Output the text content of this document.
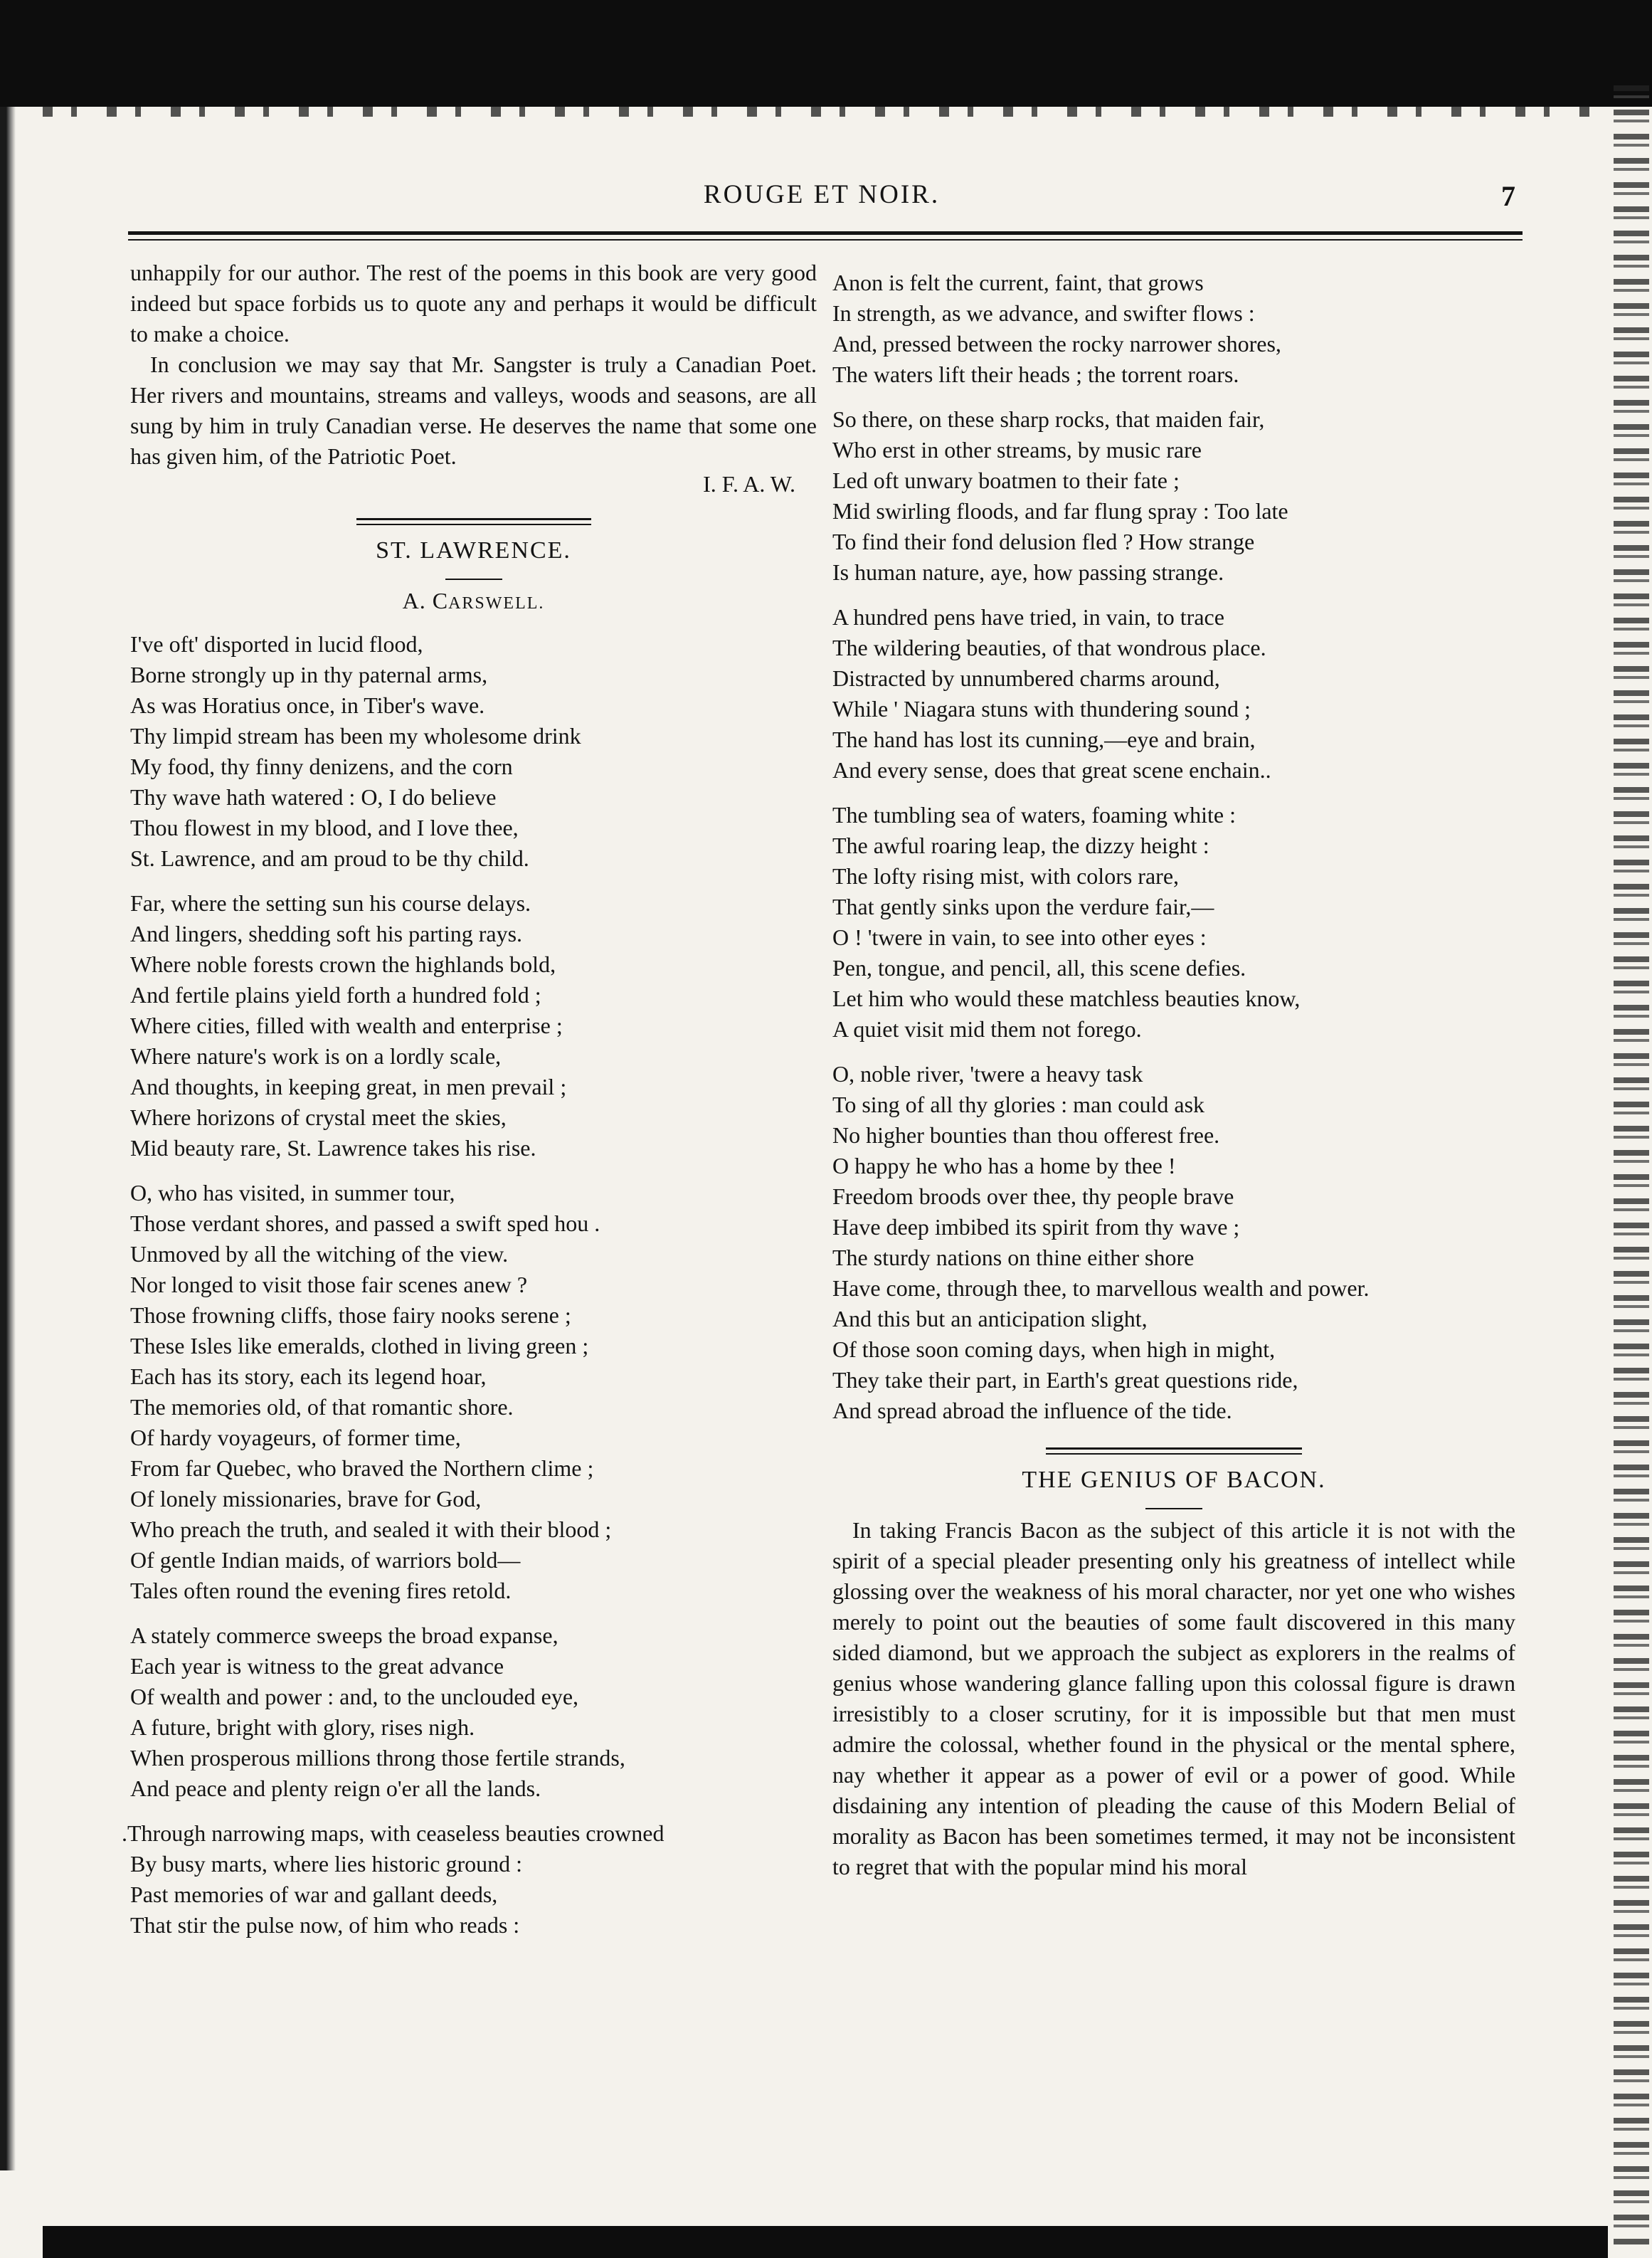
ROUGE ET NOIR.	7

unhappily for our author. The rest of the poems in this book are very good indeed but space forbids us to quote any and perhaps it would be difficult to make a choice.

In conclusion we may say that Mr. Sangster is truly a Canadian Poet. Her rivers and mountains, streams and valleys, woods and seasons, are all sung by him in truly Canadian verse. He deserves the name that some one has given him, of the Patriotic Poet.

I. F. A. W.

ST. LAWRENCE.

A. CARSWELL.

I've oft' disported in lucid flood,
Borne strongly up in thy paternal arms,
As was Horatius once, in Tiber's wave.
Thy limpid stream has been my wholesome drink
My food, thy finny denizens, and the corn
Thy wave hath watered : O, I do believe
Thou flowest in my blood, and I love thee,
St. Lawrence, and am proud to be thy child.
Far, where the setting sun his course delays.
And lingers, shedding soft his parting rays.
Where noble forests crown the highlands bold,
And fertile plains yield forth a hundred fold ;
Where cities, filled with wealth and enterprise ;
Where nature's work is on a lordly scale,
And thoughts, in keeping great, in men prevail ;
Where horizons of crystal meet the skies,
Mid beauty rare, St. Lawrence takes his rise.
O, who has visited, in summer tour,
Those verdant shores, and passed a swift sped hou .
Unmoved by all the witching of the view.
Nor longed to visit those fair scenes anew ?
Those frowning cliffs, those fairy nooks serene ;
These Isles like emeralds, clothed in living green ;
Each has its story, each its legend hoar,
The memories old, of that romantic shore.
Of hardy voyageurs, of former time,
From far Quebec, who braved the Northern clime ;
Of lonely missionaries, brave for God,
Who preach the truth, and sealed it with their blood ;
Of gentle Indian maids, of warriors bold—
Tales often round the evening fires retold.
A stately commerce sweeps the broad expanse,
Each year is witness to the great advance
Of wealth and power : and, to the unclouded eye,
A future, bright with glory, rises nigh.
When prosperous millions throng those fertile strands,
And peace and plenty reign o'er all the lands.
.Through narrowing maps, with ceaseless beauties crowned
By busy marts, where lies historic ground :
Past memories of war and gallant deeds,
That stir the pulse now, of him who reads :
Anon is felt the current, faint, that grows
In strength, as we advance, and swifter flows :
And, pressed between the rocky narrower shores,
The waters lift their heads ; the torrent roars.
So there, on these sharp rocks, that maiden fair,
Who erst in other streams, by music rare
Led oft unwary boatmen to their fate ;
Mid swirling floods, and far flung spray : Too late
To find their fond delusion fled ? How strange
Is human nature, aye, how passing strange.
A hundred pens have tried, in vain, to trace
The wildering beauties, of that wondrous place.
Distracted by unnumbered charms around,
While ' Niagara stuns with thundering sound ;
The hand has lost its cunning,—eye and brain,
And every sense, does that great scene enchain..
The tumbling sea of waters, foaming white :
The awful roaring leap, the dizzy height :
The lofty rising mist, with colors rare,
That gently sinks upon the verdure fair,—
O ! 'twere in vain, to see into other eyes :
Pen, tongue, and pencil, all, this scene defies.
Let him who would these matchless beauties know,
A quiet visit mid them not forego.
O, noble river, 'twere a heavy task
To sing of all thy glories : man could ask
No higher bounties than thou offerest free.
O happy he who has a home by thee !
Freedom broods over thee, thy people brave
Have deep imbibed its spirit from thy wave ;
The sturdy nations on thine either shore
Have come, through thee, to marvellous wealth and power.
And this but an anticipation slight,
Of those soon coming days, when high in might,
They take their part, in Earth's great questions ride,
And spread abroad the influence of the tide.

THE GENIUS OF BACON.

In taking Francis Bacon as the subject of this article it is not with the spirit of a special pleader presenting only his greatness of intellect while glossing over the weakness of his moral character, nor yet one who wishes merely to point out the beauties of some fault discovered in this many sided diamond, but we approach the subject as explorers in the realms of genius whose wandering glance falling upon this colossal figure is drawn irresistibly to a closer scrutiny, for it is impossible but that men must admire the colossal, whether found in the physical or the mental sphere, nay whether it appear as a power of evil or a power of good. While disdaining any intention of pleading the cause of this Modern Belial of morality as Bacon has been sometimes termed, it may not be inconsistent to regret that with the popular mind his moral
